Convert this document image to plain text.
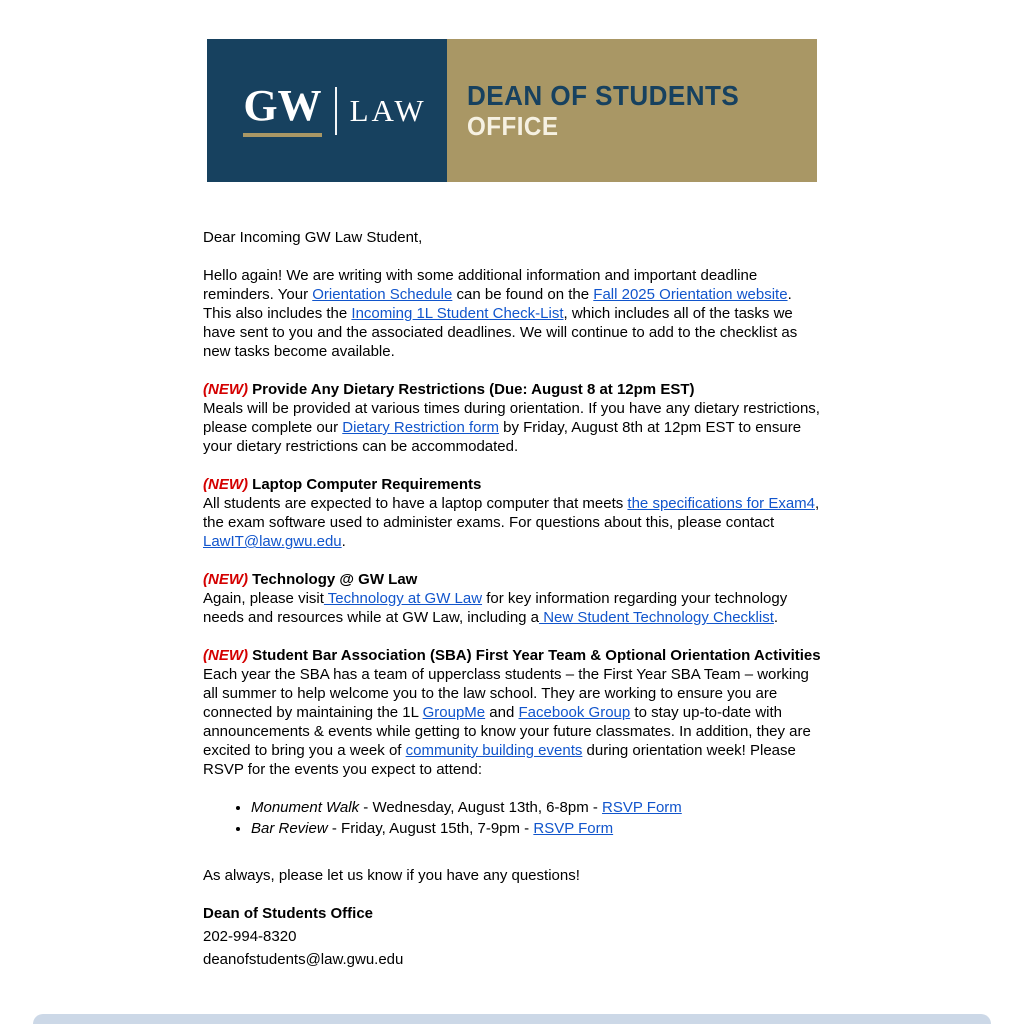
GW LAW DEAN OF STUDENTS
OFFICE

Dear Incoming GW Law Student,

Hello again! We are writing with some additional information and important deadline reminders. Your Orientation Schedule can be found on the Fall 2025 Orientation website. This also includes the Incoming 1L Student Check-List, which includes all of the tasks we have sent to you and the associated deadlines. We will continue to add to the checklist as new tasks become available.

(NEW) Provide Any Dietary Restrictions (Due: August 8 at 12pm EST)

Meals will be provided at various times during orientation. If you have any dietary restrictions, please complete our Dietary Restriction form by Friday, August 8th at 12pm EST to ensure your dietary restrictions can be accommodated.

(NEW) Laptop Computer Requirements

All students are expected to have a laptop computer that meets the specifications for Exam4, the exam software used to administer exams. For questions about this, please contact LawIT@law.gwu.edu.

(NEW) Technology @ GW Law

Again, please visit Technology at GW Law for key information regarding your technology needs and resources while at GW Law, including a New Student Technology Checklist.

(NEW) Student Bar Association (SBA) First Year Team & Optional Orientation Activities

Each year the SBA has a team of upperclass students – the First Year SBA Team – working all summer to help welcome you to the law school. They are working to ensure you are connected by maintaining the 1L GroupMe and Facebook Group to stay up-to-date with announcements & events while getting to know your future classmates. In addition, they are excited to bring you a week of community building events during orientation week! Please RSVP for the events you expect to attend:

• Monument Walk - Wednesday, August 13th, 6-8pm - RSVP Form
• Bar Review - Friday, August 15th, 7-9pm - RSVP Form

As always, please let us know if you have any questions!

Dean of Students Office

202-994-8320

deanofstudents@law.gwu.edu
